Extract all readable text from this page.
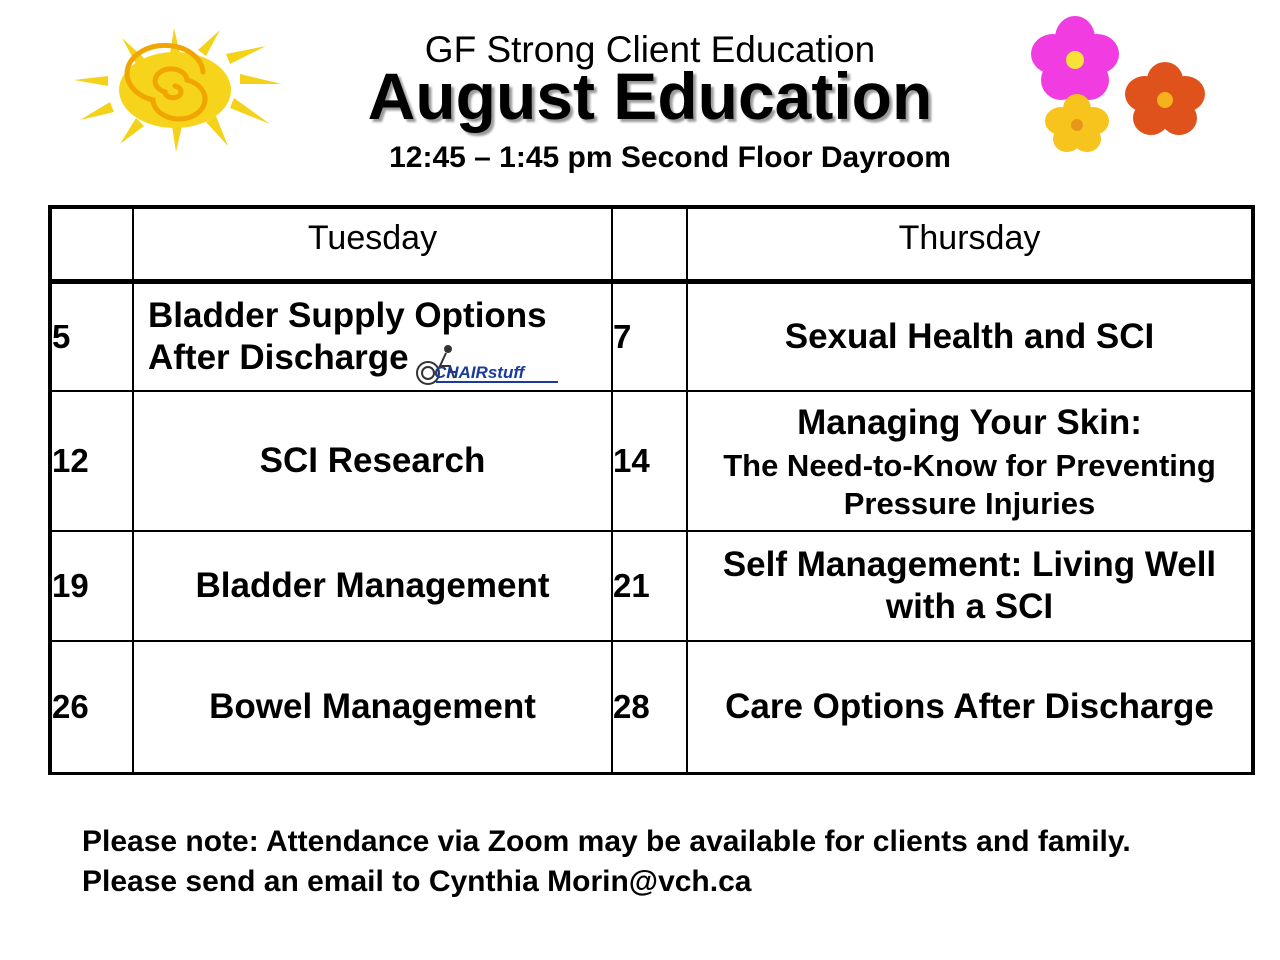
GF Strong Client Education
August Education
12:45 – 1:45 pm Second Floor Dayroom
	Tuesday		Thursday
5	Bladder Supply Options
After Discharge CHAIRstuff	7	Sexual Health and SCI
12	SCI Research	14	Managing Your Skin:
The Need-to-Know for Preventing Pressure Injuries

19	Bladder Management	21	Self Management: Living Well with a SCI
26	Bowel Management	28	Care Options After Discharge
Please note: Attendance via Zoom may be available for clients and family.
Please send an email to Cynthia Morin@vch.ca
